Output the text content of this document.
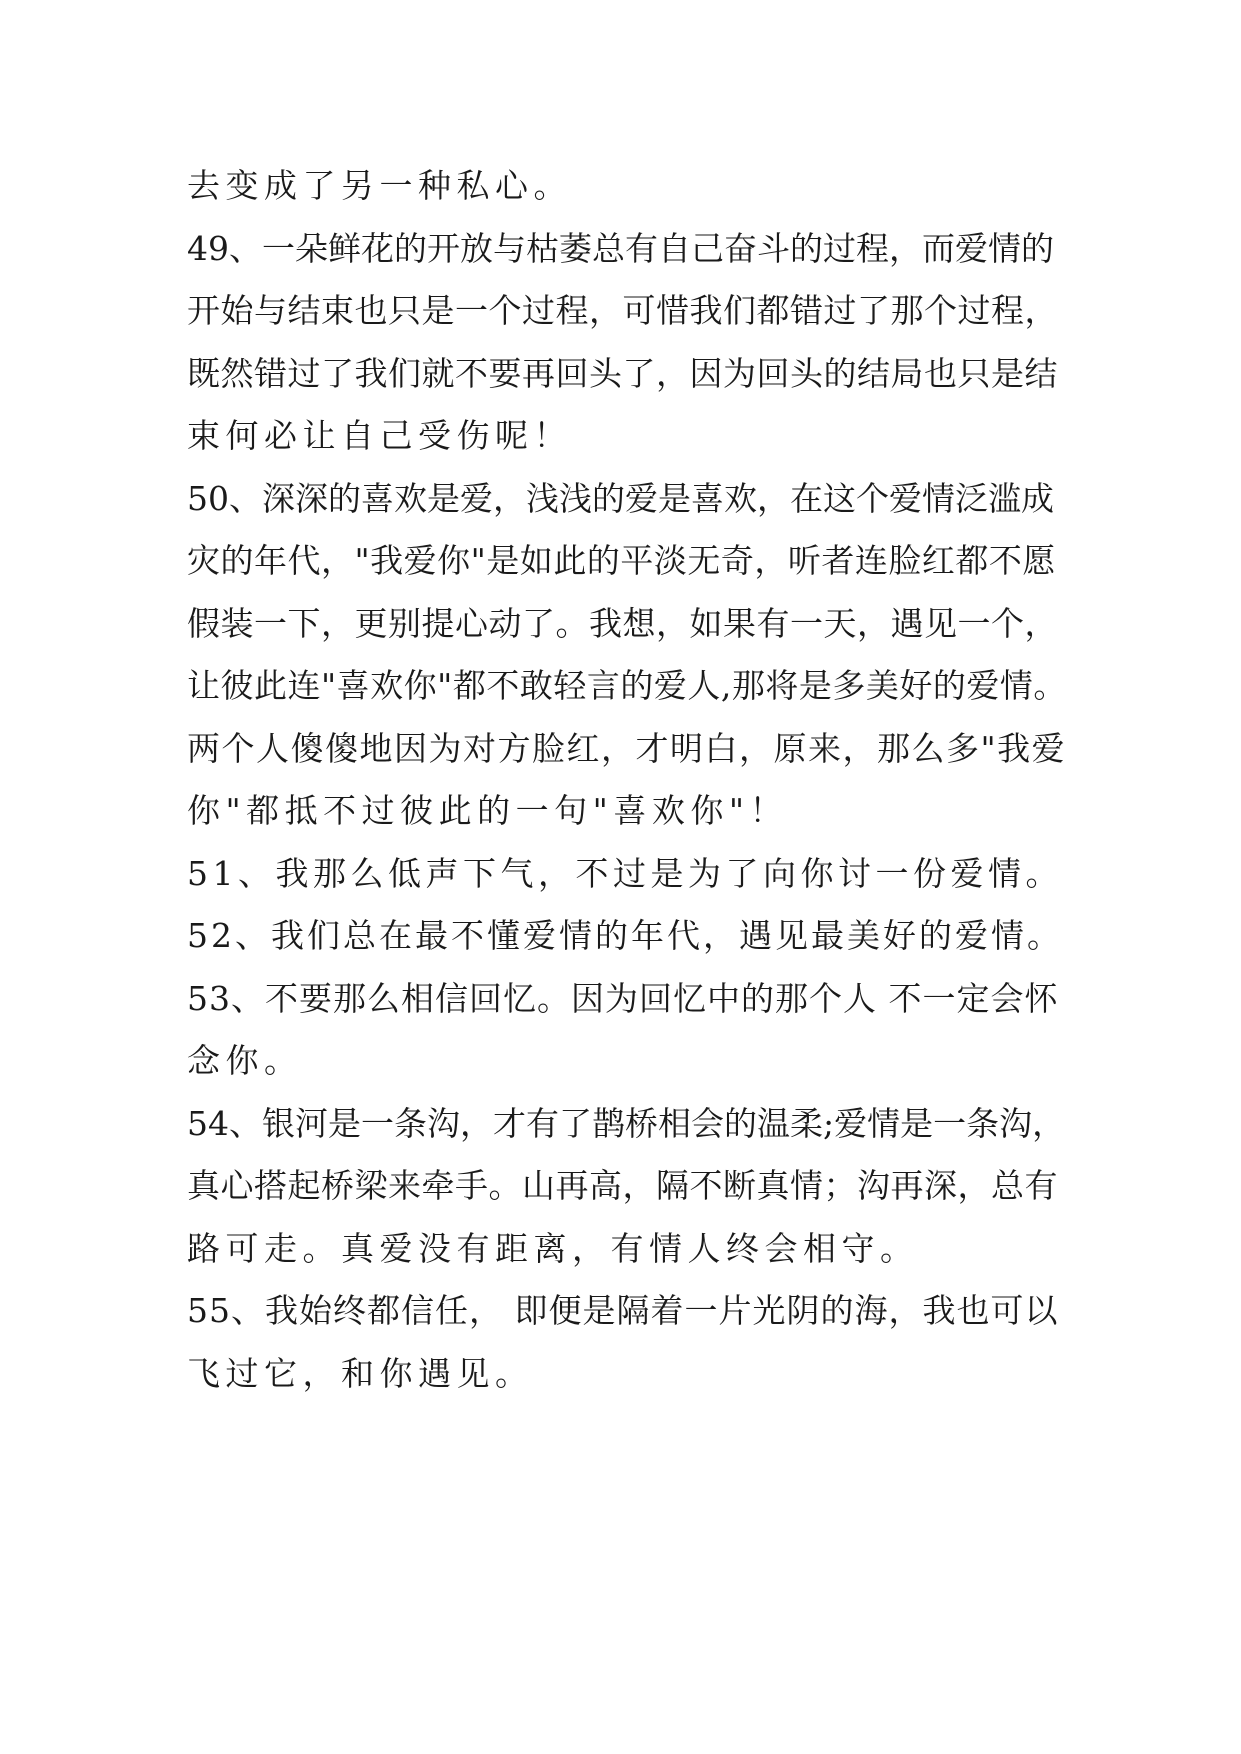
去变成了另一种私心。
49、一朵鲜花的开放与枯萎总有自己奋斗的过程，而爱情的
开始与结束也只是一个过程，可惜我们都错过了那个过程，
既然错过了我们就不要再回头了，因为回头的结局也只是结
束何必让自己受伤呢！
50、深深的喜欢是爱，浅浅的爱是喜欢，在这个爱情泛滥成
灾的年代，"我爱你"是如此的平淡无奇，听者连脸红都不愿
假装一下，更别提心动了。我想，如果有一天，遇见一个，
让彼此连"喜欢你"都不敢轻言的爱人,那将是多美好的爱情。
两个人傻傻地因为对方脸红，才明白，原来，那么多"我爱
你"都抵不过彼此的一句"喜欢你"！
51、我那么低声下气，不过是为了向你讨一份爱情。
52、我们总在最不懂爱情的年代，遇见最美好的爱情。
53、不要那么相信回忆。因为回忆中的那个人 不一定会怀
念你。
54、银河是一条沟，才有了鹊桥相会的温柔;爱情是一条沟，
真心搭起桥梁来牵手。山再高，隔不断真情；沟再深，总有
路可走。真爱没有距离，有情人终会相守。
55、我始终都信任， 即便是隔着一片光阴的海，我也可以
飞过它，和你遇见。
